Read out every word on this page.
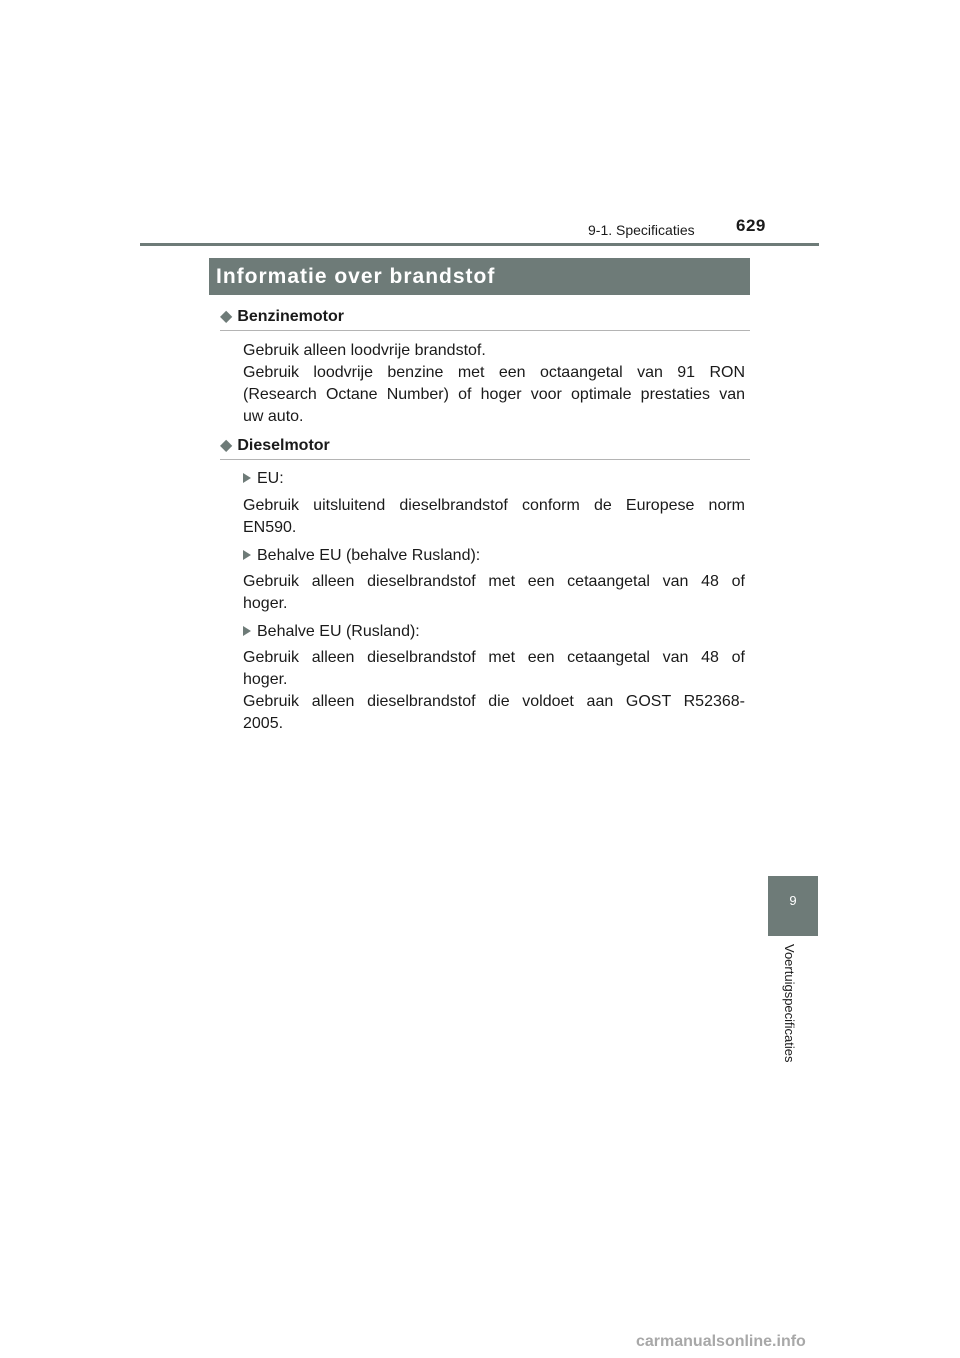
9-1. Specificaties 629
Informatie over brandstof
◆ Benzinemotor
Gebruik alleen loodvrije brandstof.
Gebruik loodvrije benzine met een octaangetal van 91 RON
(Research Octane Number) of hoger voor optimale prestaties van
uw auto.
◆ Dieselmotor
EU:
Gebruik uitsluitend dieselbrandstof conform de Europese norm
EN590.
Behalve EU (behalve Rusland):
Gebruik alleen dieselbrandstof met een cetaangetal van 48 of
hoger.
Behalve EU (Rusland):
Gebruik alleen dieselbrandstof met een cetaangetal van 48 of
hoger.
Gebruik alleen dieselbrandstof die voldoet aan GOST R52368-
2005.
9
Voertuigspecificaties
carmanualsonline.info
